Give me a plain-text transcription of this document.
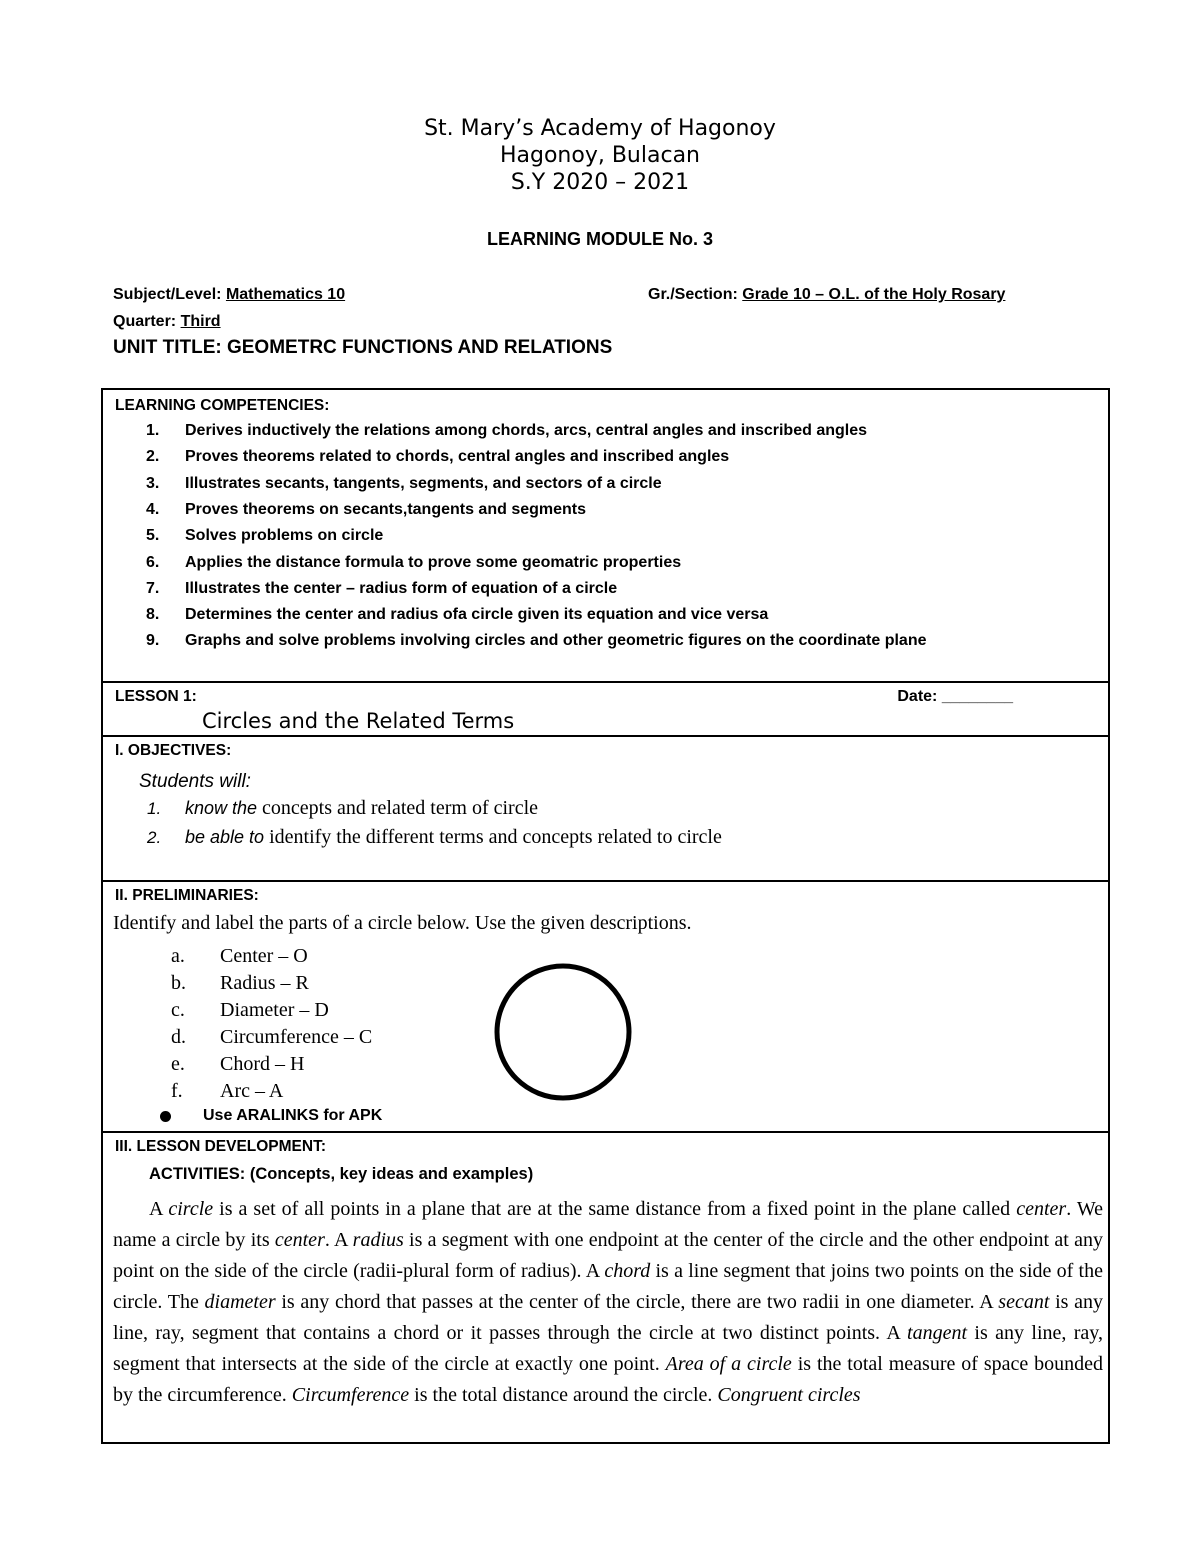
St. Mary’s Academy of Hagonoy
Hagonoy, Bulacan
S.Y 2020 – 2021
LEARNING MODULE No. 3
Subject/Level: Mathematics 10	Gr./Section: Grade 10 – O.L. of the Holy Rosary
Quarter: Third
UNIT TITLE: GEOMETRC FUNCTIONS AND RELATIONS
LEARNING COMPETENCIES:
1. Derives inductively the relations among chords, arcs, central angles and inscribed angles
2. Proves theorems related to chords, central angles and inscribed angles
3. Illustrates secants, tangents, segments, and sectors of a circle
4. Proves theorems on secants,tangents and segments
5. Solves problems on circle
6. Applies the distance formula to prove some geomatric properties
7. Illustrates the center – radius form of equation of a circle
8. Determines the center and radius ofa circle given its equation and vice versa
9. Graphs and solve problems involving circles and other geometric figures on the coordinate plane
LESSON 1:	Date: ________
Circles and the Related Terms
I. OBJECTIVES:
Students will:
1. know the concepts and related term of circle
2. be able to identify the different terms and concepts related to circle
II. PRELIMINARIES:
Identify and label the parts of a circle below. Use the given descriptions.
a. Center – O
b. Radius – R
c. Diameter – D
d. Circumference – C
e. Chord – H
f. Arc – A
Use ARALINKS for APK
III. LESSON DEVELOPMENT:
ACTIVITIES: (Concepts, key ideas and examples)
A circle is a set of all points in a plane that are at the same distance from a fixed point in the plane called center. We name a circle by its center. A radius is a segment with one endpoint at the center of the circle and the other endpoint at any point on the side of the circle (radii-plural form of radius). A chord is a line segment that joins two points on the side of the circle. The diameter is any chord that passes at the center of the circle, there are two radii in one diameter. A secant is any line, ray, segment that contains a chord or it passes through the circle at two distinct points. A tangent is any line, ray, segment that intersects at the side of the circle at exactly one point. Area of a circle is the total measure of space bounded by the circumference. Circumference is the total distance around the circle. Congruent circles
